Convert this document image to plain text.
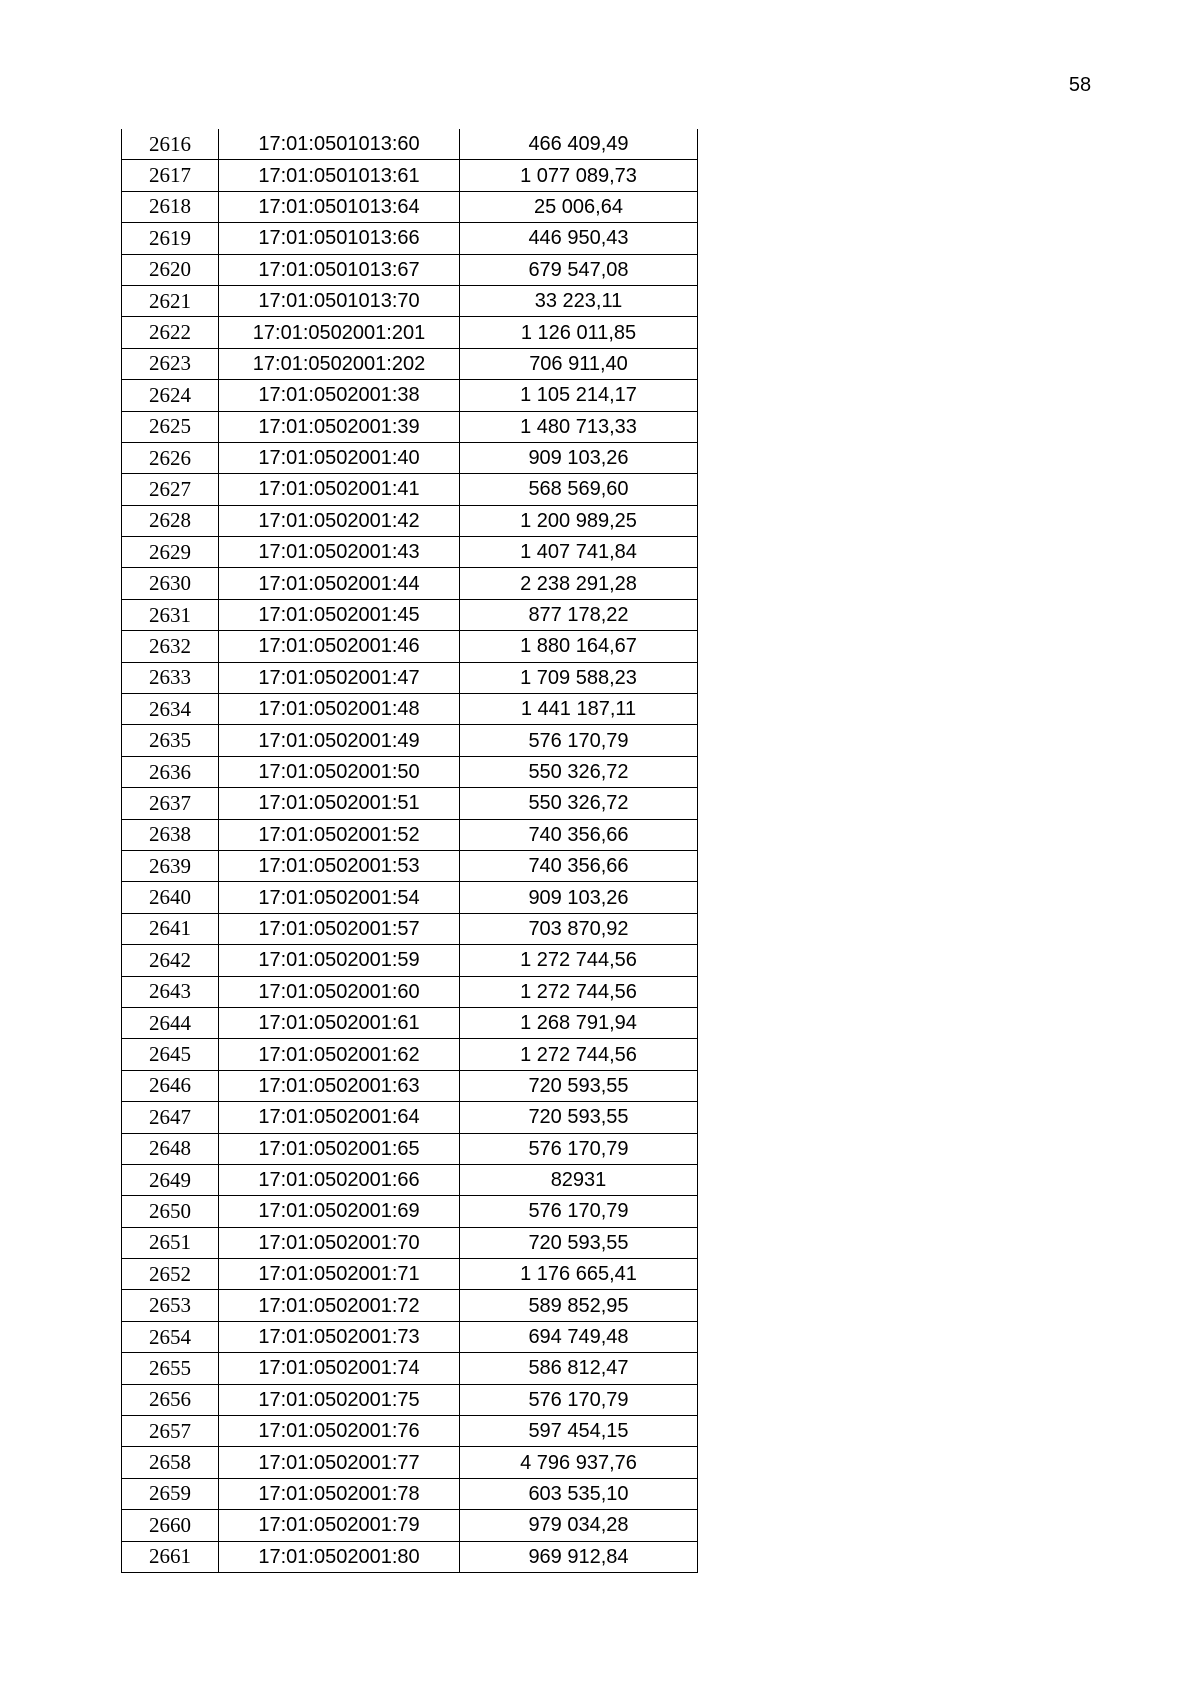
58
2616	17:01:0501013:60	466 409,49
2617	17:01:0501013:61	1 077 089,73
2618	17:01:0501013:64	25 006,64
2619	17:01:0501013:66	446 950,43
2620	17:01:0501013:67	679 547,08
2621	17:01:0501013:70	33 223,11
2622	17:01:0502001:201	1 126 011,85
2623	17:01:0502001:202	706 911,40
2624	17:01:0502001:38	1 105 214,17
2625	17:01:0502001:39	1 480 713,33
2626	17:01:0502001:40	909 103,26
2627	17:01:0502001:41	568 569,60
2628	17:01:0502001:42	1 200 989,25
2629	17:01:0502001:43	1 407 741,84
2630	17:01:0502001:44	2 238 291,28
2631	17:01:0502001:45	877 178,22
2632	17:01:0502001:46	1 880 164,67
2633	17:01:0502001:47	1 709 588,23
2634	17:01:0502001:48	1 441 187,11
2635	17:01:0502001:49	576 170,79
2636	17:01:0502001:50	550 326,72
2637	17:01:0502001:51	550 326,72
2638	17:01:0502001:52	740 356,66
2639	17:01:0502001:53	740 356,66
2640	17:01:0502001:54	909 103,26
2641	17:01:0502001:57	703 870,92
2642	17:01:0502001:59	1 272 744,56
2643	17:01:0502001:60	1 272 744,56
2644	17:01:0502001:61	1 268 791,94
2645	17:01:0502001:62	1 272 744,56
2646	17:01:0502001:63	720 593,55
2647	17:01:0502001:64	720 593,55
2648	17:01:0502001:65	576 170,79
2649	17:01:0502001:66	82931
2650	17:01:0502001:69	576 170,79
2651	17:01:0502001:70	720 593,55
2652	17:01:0502001:71	1 176 665,41
2653	17:01:0502001:72	589 852,95
2654	17:01:0502001:73	694 749,48
2655	17:01:0502001:74	586 812,47
2656	17:01:0502001:75	576 170,79
2657	17:01:0502001:76	597 454,15
2658	17:01:0502001:77	4 796 937,76
2659	17:01:0502001:78	603 535,10
2660	17:01:0502001:79	979 034,28
2661	17:01:0502001:80	969 912,84
